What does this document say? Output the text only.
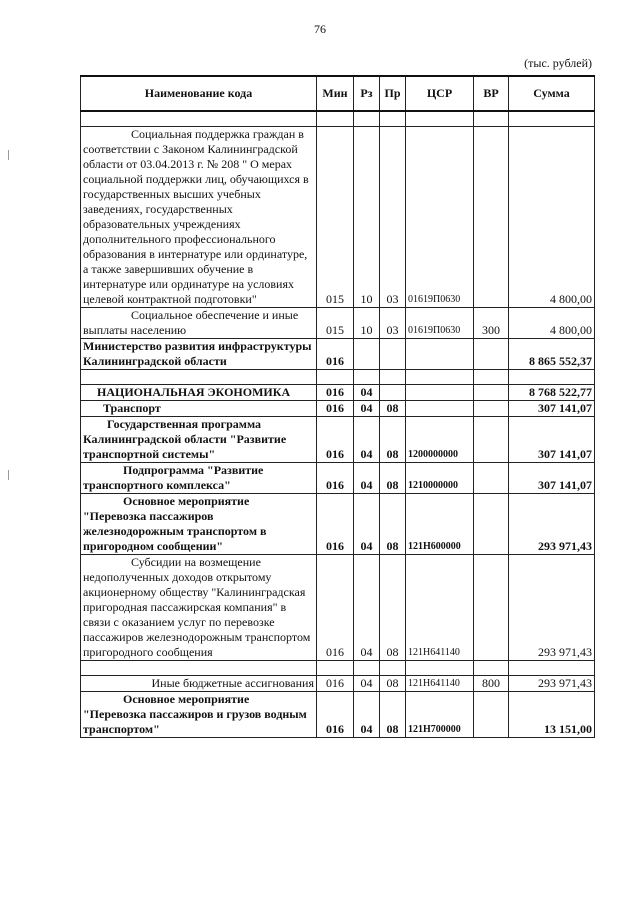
76
(тыс. рублей)
Наименование кода	Мин	Рз	Пр	ЦСР	ВР	Сумма

Социальная поддержка граждан в соответствии с Законом Калининградской области от 03.04.2013 г. № 208 " О мерах социальной поддержки лиц, обучающихся в государственных высших учебных заведениях, государственных образовательных учреждениях дополнительного профессионального образования в интернатуре или ординатуре, а также завершивших обучение в интернатуре или ординатуре на условиях целевой контрактной подготовки"	015	10	03	01619П0630		4 800,00
Социальное обеспечение и иные выплаты населению	015	10	03	01619П0630	300	4 800,00
Министерство развития инфраструктуры Калининградской области	016					8 865 552,37

НАЦИОНАЛЬНАЯ ЭКОНОМИКА	016	04				8 768 522,77
Транспорт	016	04	08			307 141,07
Государственная программа Калининградской области "Развитие транспортной системы"	016	04	08	1200000000		307 141,07
Подпрограмма "Развитие транспортного комплекса"	016	04	08	1210000000		307 141,07
Основное мероприятие "Перевозка пассажиров железнодорожным транспортом в пригородном сообщении"	016	04	08	121Н600000		293 971,43
Субсидии на возмещение недополученных доходов открытому акционерному обществу "Калининградская пригородная пассажирская компания" в связи с оказанием услуг по перевозке пассажиров железнодорожным транспортом пригородного сообщения	016	04	08	121Н641140		293 971,43

Иные бюджетные ассигнования	016	04	08	121Н641140	800	293 971,43
Основное мероприятие "Перевозка пассажиров и грузов водным транспортом"	016	04	08	121Н700000		13 151,00
